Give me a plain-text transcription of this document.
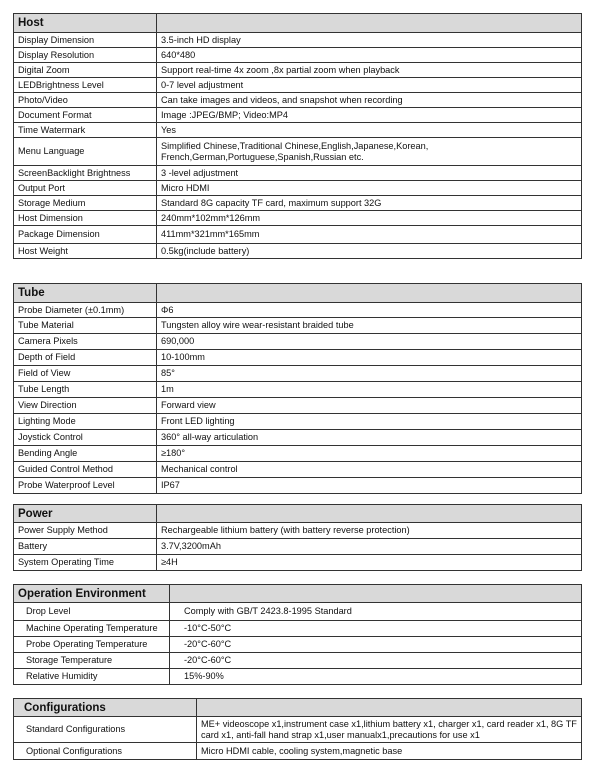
Host	
Display Dimension	3.5-inch HD display
Display Resolution	640*480
Digital Zoom	Support real-time 4x zoom ,8x partial zoom when playback
LEDBrightness Level	0-7 level adjustment
Photo/Video	Can take images and videos, and snapshot when recording
Document Format	Image :JPEG/BMP; Video:MP4
Time Watermark	Yes
Menu Language	Simplified Chinese,Traditional Chinese,English,Japanese,Korean, French,German,Portuguese,Spanish,Russian etc.
ScreenBacklight Brightness	3 -level adjustment
Output Port	Micro HDMI
Storage Medium	Standard 8G capacity TF card, maximum support 32G
Host Dimension	240mm*102mm*126mm
Package Dimension	411mm*321mm*165mm
Host Weight	0.5kg(include battery)
Tube	
Probe Diameter (±0.1mm)	Φ6
Tube Material	Tungsten alloy wire wear-resistant braided tube
Camera Pixels	690,000
Depth of Field	10-100mm
Field of View	85°
Tube Length	1m
View Direction	Forward view
Lighting Mode	Front LED lighting
Joystick Control	360° all-way articulation
Bending Angle	≥180°
Guided Control Method	Mechanical control
Probe Waterproof Level	IP67
Power	
Power Supply Method	Rechargeable lithium battery (with battery reverse protection)
Battery	3.7V,3200mAh
System Operating Time	≥4H
Operation Environment	
Drop Level	Comply with GB/T 2423.8-1995 Standard
Machine Operating Temperature	-10°C-50°C
Probe Operating Temperature	-20°C-60°C
Storage Temperature	-20°C-60°C
Relative Humidity	15%-90%
Configurations	
Standard Configurations	ME+ videoscope x1,instrument case x1,lithium battery x1, charger x1, card reader x1, 8G TF card x1, anti-fall hand strap x1,user manualx1,precautions for use x1
Optional Configurations	Micro HDMI cable, cooling system,magnetic base
